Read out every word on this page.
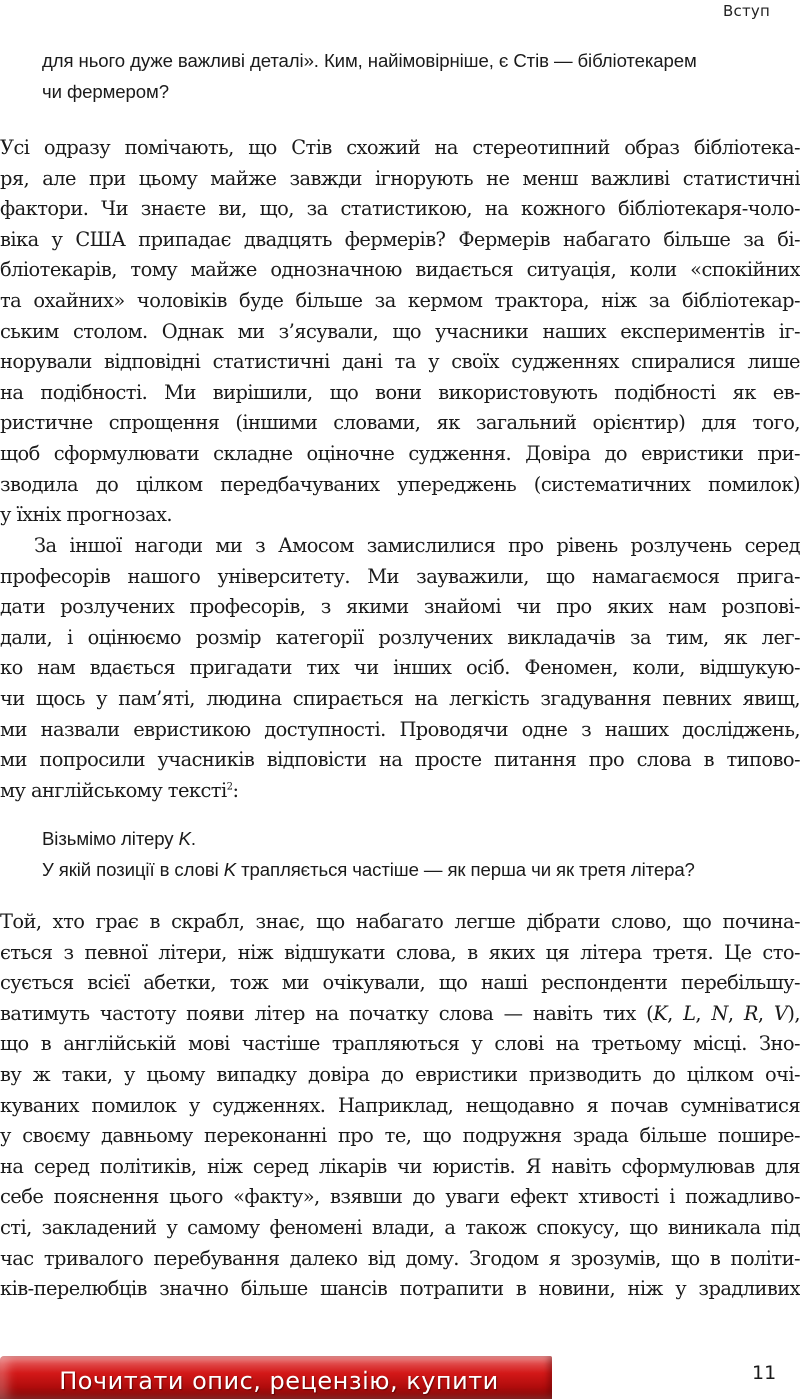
Вступ
для нього дуже важливі деталі». Ким, найімовірніше, є Стів — бібліотекарем
чи фермером?
Усі одразу помічають, що Стів схожий на стереотипний образ бібліотека-
ря, але при цьому майже завжди ігнорують не менш важливі статистичні
фактори. Чи знаєте ви, що, за статистикою, на кожного бібліотекаря-чоло-
віка у США припадає двадцять фермерів? Фермерів набагато більше за бі-
бліотекарів, тому майже однозначною видається ситуація, коли «спокійних
та охайних» чоловіків буде більше за кермом трактора, ніж за бібліотекар-
ським столом. Однак ми з’ясували, що учасники наших експериментів іг-
норували відповідні статистичні дані та у своїх судженнях спиралися лише
на подібності. Ми вирішили, що вони використовують подібності як ев-
ристичне спрощення (іншими словами, як загальний орієнтир) для того,
щоб сформулювати складне оціночне судження. Довіра до евристики при-
зводила до цілком передбачуваних упереджень (систематичних помилок)
у їхніх прогнозах.
За іншої нагоди ми з Амосом замислилися про рівень розлучень серед
професорів нашого університету. Ми зауважили, що намагаємося прига-
дати розлучених професорів, з якими знайомі чи про яких нам розпові-
дали, і оцінюємо розмір категорії розлучених викладачів за тим, як лег-
ко нам вдається пригадати тих чи інших осіб. Феномен, коли, відшукую-
чи щось у пам’яті, людина спирається на легкість згадування певних явищ,
ми назвали евристикою доступності. Проводячи одне з наших досліджень,
ми попросили учасників відповісти на просте питання про слова в типово-
му англійському тексті$^2$:
Візьмімо літеру K.
У якій позиції в слові K трапляється частіше — як перша чи як третя літера?
Той, хто грає в скрабл, знає, що набагато легше дібрати слово, що почина-
ється з певної літери, ніж відшукати слова, в яких ця літера третя. Це сто-
сується всієї абетки, тож ми очікували, що наші респонденти перебільшу-
ватимуть частоту появи літер на початку слова — навіть тих (K, L, N, R, V),
що в англійській мові частіше трапляються у слові на третьому місці. Зно-
ву ж таки, у цьому випадку довіра до евристики призводить до цілком очі-
куваних помилок у судженнях. Наприклад, нещодавно я почав сумніватися
у своєму давньому переконанні про те, що подружня зрада більше пошире-
на серед політиків, ніж серед лікарів чи юристів. Я навіть сформулював для
себе пояснення цього «факту», взявши до уваги ефект хтивості і пожадливо-
сті, закладений у самому феномені влади, а також спокусу, що виникала під
час тривалого перебування далеко від дому. Згодом я зрозумів, що в політи-
ків-перелюбців значно більше шансів потрапити в новини, ніж у зрадливих
Почитати опис, рецензію, купити	11
